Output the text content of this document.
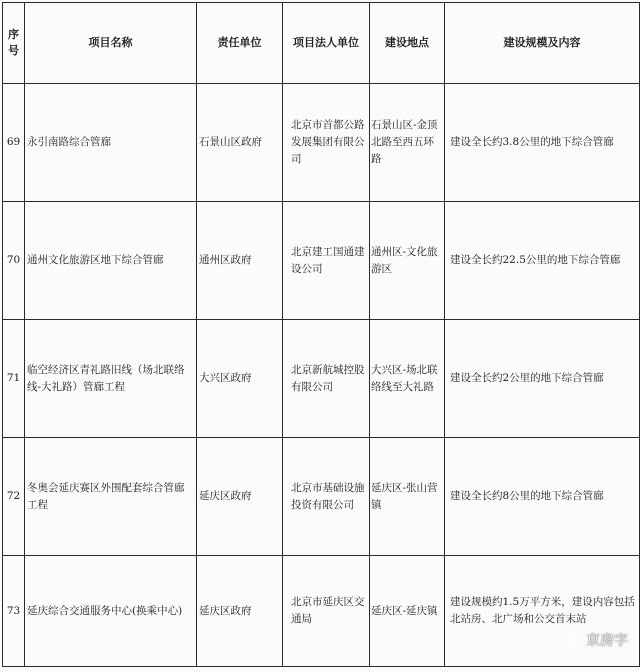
序号	项目名称	责任单位	项目法人单位	建设地点	建设规模及内容
69	永引南路综合管廊	石景山区政府	北京市首都公路发展集团有限公司	石景山区-金顶北路至西五环路	建设全长约3.8公里的地下综合管廊

70	通州文化旅游区地下综合管廊	通州区政府	北京建工国通建设公司	通州区-文化旅游区	建设全长约22.5公里的地下综合管廊

71	临空经济区青礼路旧线（场北联络线-大礼路）管廊工程	大兴区政府	北京新航城控股有限公司	大兴区-场北联络线至大礼路	建设全长约2公里的地下综合管廊

72	冬奥会延庆赛区外围配套综合管廊工程	延庆区政府	北京市基础设施投资有限公司	延庆区-张山营镇	建设全长约8公里的地下综合管廊

73	延庆综合交通服务中心(换乘中心)	延庆区政府	北京市延庆区交通局	延庆区-延庆镇	建设规模约1.5万平方米，建设内容包括北站房、北广场和公交首末站
京房字
